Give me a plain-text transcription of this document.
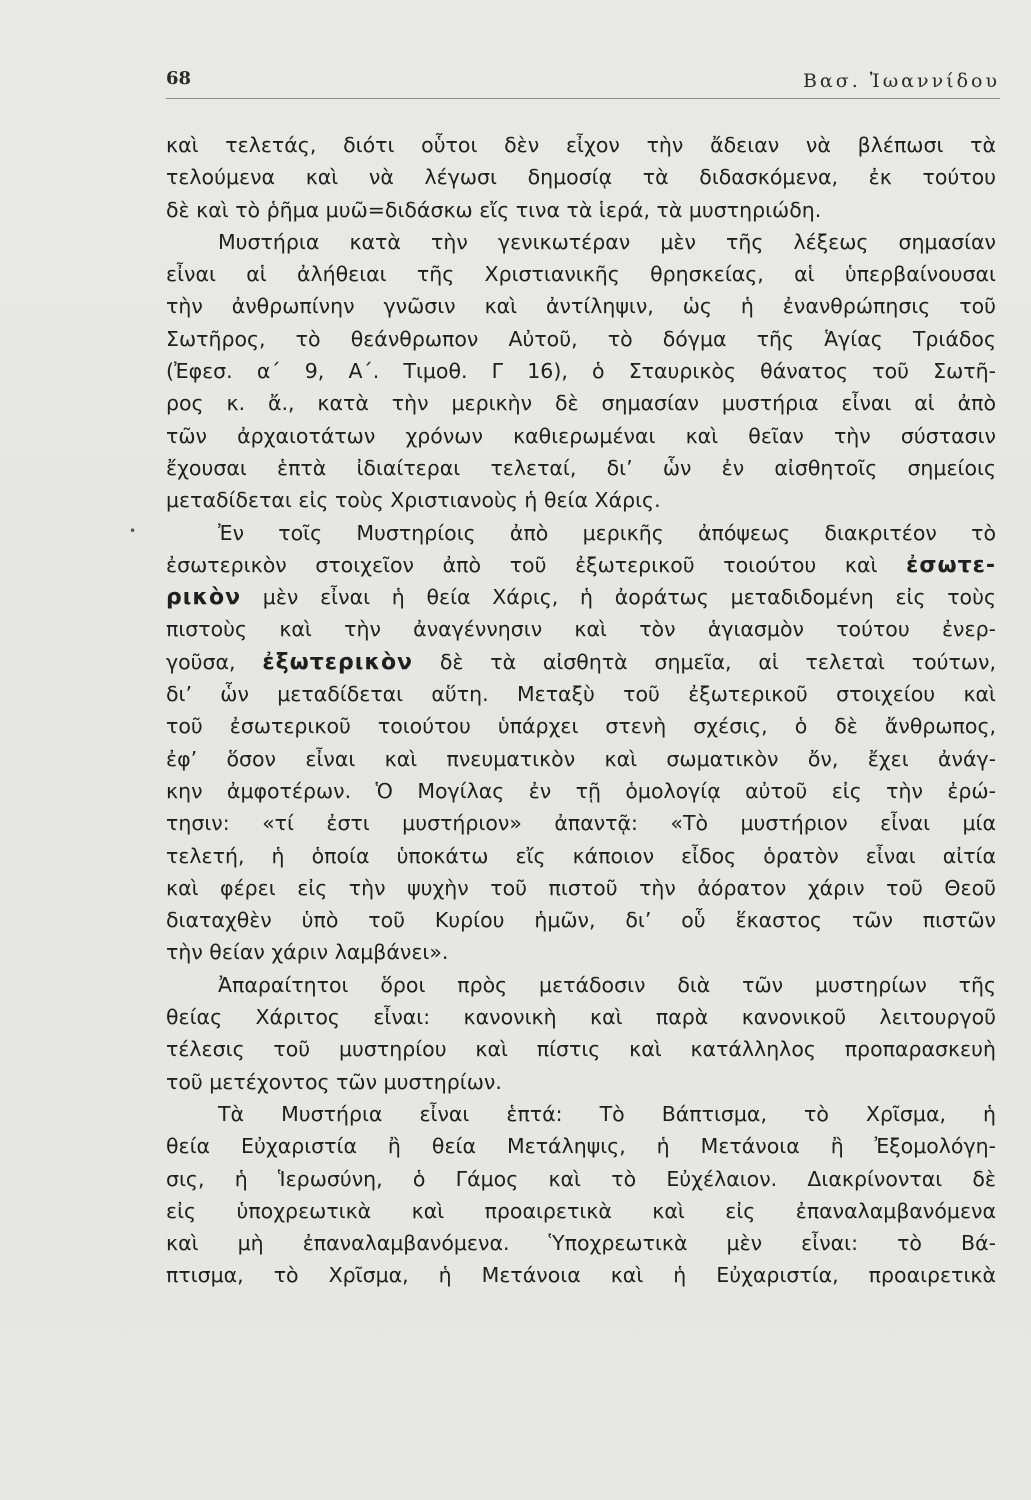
68	Βασ. Ἰωαννίδου
•
καὶ τελετάς, διότι οὗτοι δὲν εἶχον τὴν ἄδειαν νὰ βλέπωσι τὰ
τελούμενα καὶ νὰ λέγωσι δημοσίᾳ τὰ διδασκόμενα, ἐκ τούτου
δὲ καὶ τὸ ῥῆμα μυῶ=διδάσκω εἴς τινα τὰ ἱερά, τὰ μυστηριώδη.
Μυστήρια κατὰ τὴν γενικωτέραν μὲν τῆς λέξεως σημασίαν
εἶναι αἱ ἀλήθειαι τῆς Χριστιανικῆς θρησκείας, αἱ ὑπερβαίνουσαι
τὴν ἀνθρωπίνην γνῶσιν καὶ ἀντίληψιν, ὡς ἡ ἐνανθρώπησις τοῦ
Σωτῆρος, τὸ θεάνθρωπον Αὐτοῦ, τὸ δόγμα τῆς Ἁγίας Τριάδος
(Ἐφεσ. α΄ 9, Α΄. Τιμοθ. Γ 16), ὁ Σταυρικὸς θάνατος τοῦ Σωτῆ-
ρος κ. ἄ., κατὰ τὴν μερικὴν δὲ σημασίαν μυστήρια εἶναι αἱ ἀπὸ
τῶν ἀρχαιοτάτων χρόνων καθιερωμέναι καὶ θεῖαν τὴν σύστασιν
ἔχουσαι ἑπτὰ ἰδιαίτεραι τελεταί, δι’ ὧν ἐν αἰσθητοῖς σημείοις
μεταδίδεται εἰς τοὺς Χριστιανοὺς ἡ θεία Χάρις.
Ἐν τοῖς Μυστηρίοις ἀπὸ μερικῆς ἀπόψεως διακριτέον τὸ
ἐσωτερικὸν στοιχεῖον ἀπὸ τοῦ ἐξωτερικοῦ τοιούτου καὶ ἐσωτε-
ρικὸν μὲν εἶναι ἡ θεία Χάρις, ἡ ἀοράτως μεταδιδομένη εἰς τοὺς
πιστοὺς καὶ τὴν ἀναγέννησιν καὶ τὸν ἁγιασμὸν τούτου ἐνερ-
γοῦσα, ἐξωτερικὸν δὲ τὰ αἰσθητὰ σημεῖα, αἱ τελεταὶ τούτων,
δι’ ὧν μεταδίδεται αὕτη. Μεταξὺ τοῦ ἐξωτερικοῦ στοιχείου καὶ
τοῦ ἐσωτερικοῦ τοιούτου ὑπάρχει στενὴ σχέσις, ὁ δὲ ἄνθρωπος,
ἐφ’ ὅσον εἶναι καὶ πνευματικὸν καὶ σωματικὸν ὄν, ἔχει ἀνάγ-
κην ἀμφοτέρων. Ὁ Μογίλας ἐν τῇ ὁμολογίᾳ αὐτοῦ εἰς τὴν ἐρώ-
τησιν: «τί ἐστι μυστήριον» ἀπαντᾷ: «Τὸ μυστήριον εἶναι μία
τελετή, ἡ ὁποία ὑποκάτω εἴς κάποιον εἶδος ὁρατὸν εἶναι αἰτία
καὶ φέρει εἰς τὴν ψυχὴν τοῦ πιστοῦ τὴν ἀόρατον χάριν τοῦ Θεοῦ
διαταχθὲν ὑπὸ τοῦ Κυρίου ἡμῶν, δι’ οὗ ἕκαστος τῶν πιστῶν
τὴν θείαν χάριν λαμβάνει».
Ἀπαραίτητοι ὅροι πρὸς μετάδοσιν διὰ τῶν μυστηρίων τῆς
θείας Χάριτος εἶναι: κανονικὴ καὶ παρὰ κανονικοῦ λειτουργοῦ
τέλεσις τοῦ μυστηρίου καὶ πίστις καὶ κατάλληλος προπαρασκευὴ
τοῦ μετέχοντος τῶν μυστηρίων.
Τὰ Μυστήρια εἶναι ἑπτά: Τὸ Βάπτισμα, τὸ Χρῖσμα, ἡ
θεία Εὐχαριστία ἢ θεία Μετάληψις, ἡ Μετάνοια ἢ Ἐξομολόγη-
σις, ἡ Ἱερωσύνη, ὁ Γάμος καὶ τὸ Εὐχέλαιον. Διακρίνονται δὲ
εἰς ὑποχρεωτικὰ καὶ προαιρετικὰ καὶ εἰς ἐπαναλαμβανόμενα
καὶ μὴ ἐπαναλαμβανόμενα. Ὑποχρεωτικὰ μὲν εἶναι: τὸ Βά-
πτισμα, τὸ Χρῖσμα, ἡ Μετάνοια καὶ ἡ Εὐχαριστία, προαιρετικὰ
